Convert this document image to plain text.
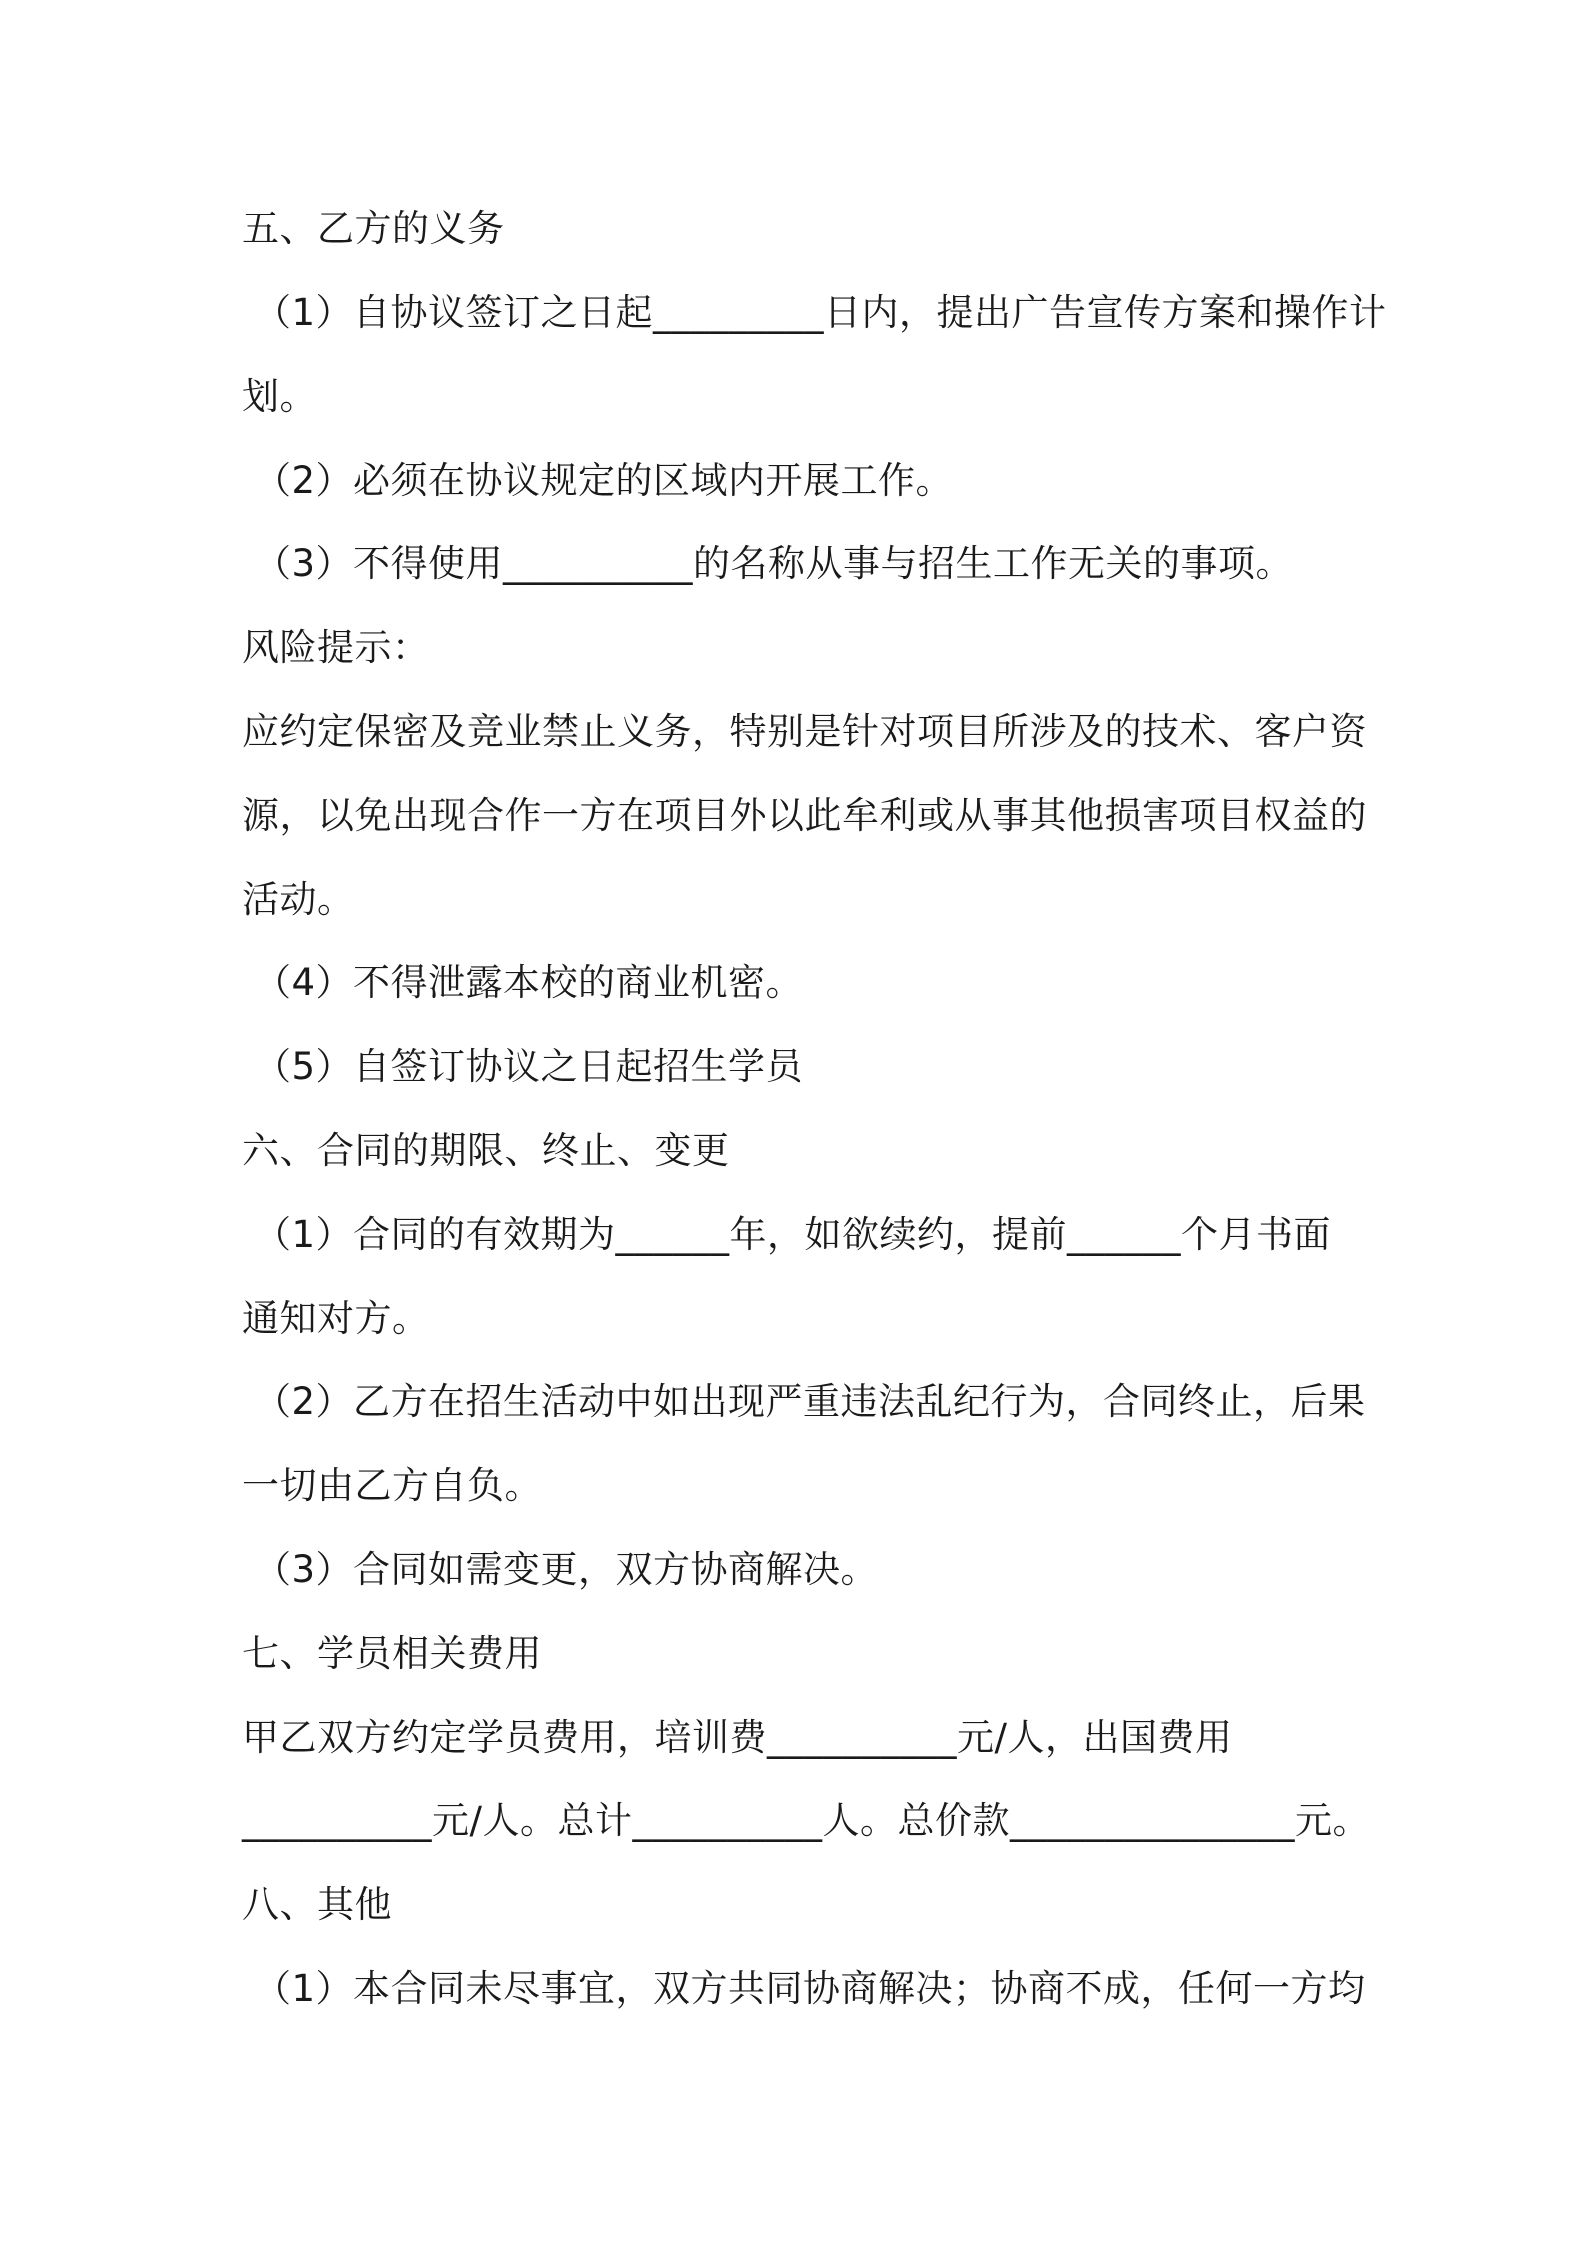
五、乙方的义务
（1）自协议签订之日起_________日内，提出广告宣传方案和操作计
划。
（2）必须在协议规定的区域内开展工作。
（3）不得使用__________的名称从事与招生工作无关的事项。
风险提示：
应约定保密及竞业禁止义务，特别是针对项目所涉及的技术、客户资
源，以免出现合作一方在项目外以此牟利或从事其他损害项目权益的
活动。
（4）不得泄露本校的商业机密。
（5）自签订协议之日起招生学员
六、合同的期限、终止、变更
（1）合同的有效期为______年，如欲续约，提前______个月书面
通知对方。
（2）乙方在招生活动中如出现严重违法乱纪行为，合同终止，后果
一切由乙方自负。
（3）合同如需变更，双方协商解决。
七、学员相关费用
甲乙双方约定学员费用，培训费__________元/人，出国费用
__________元/人。总计__________人。总价款_______________元。
八、其他
（1）本合同未尽事宜，双方共同协商解决；协商不成，任何一方均
